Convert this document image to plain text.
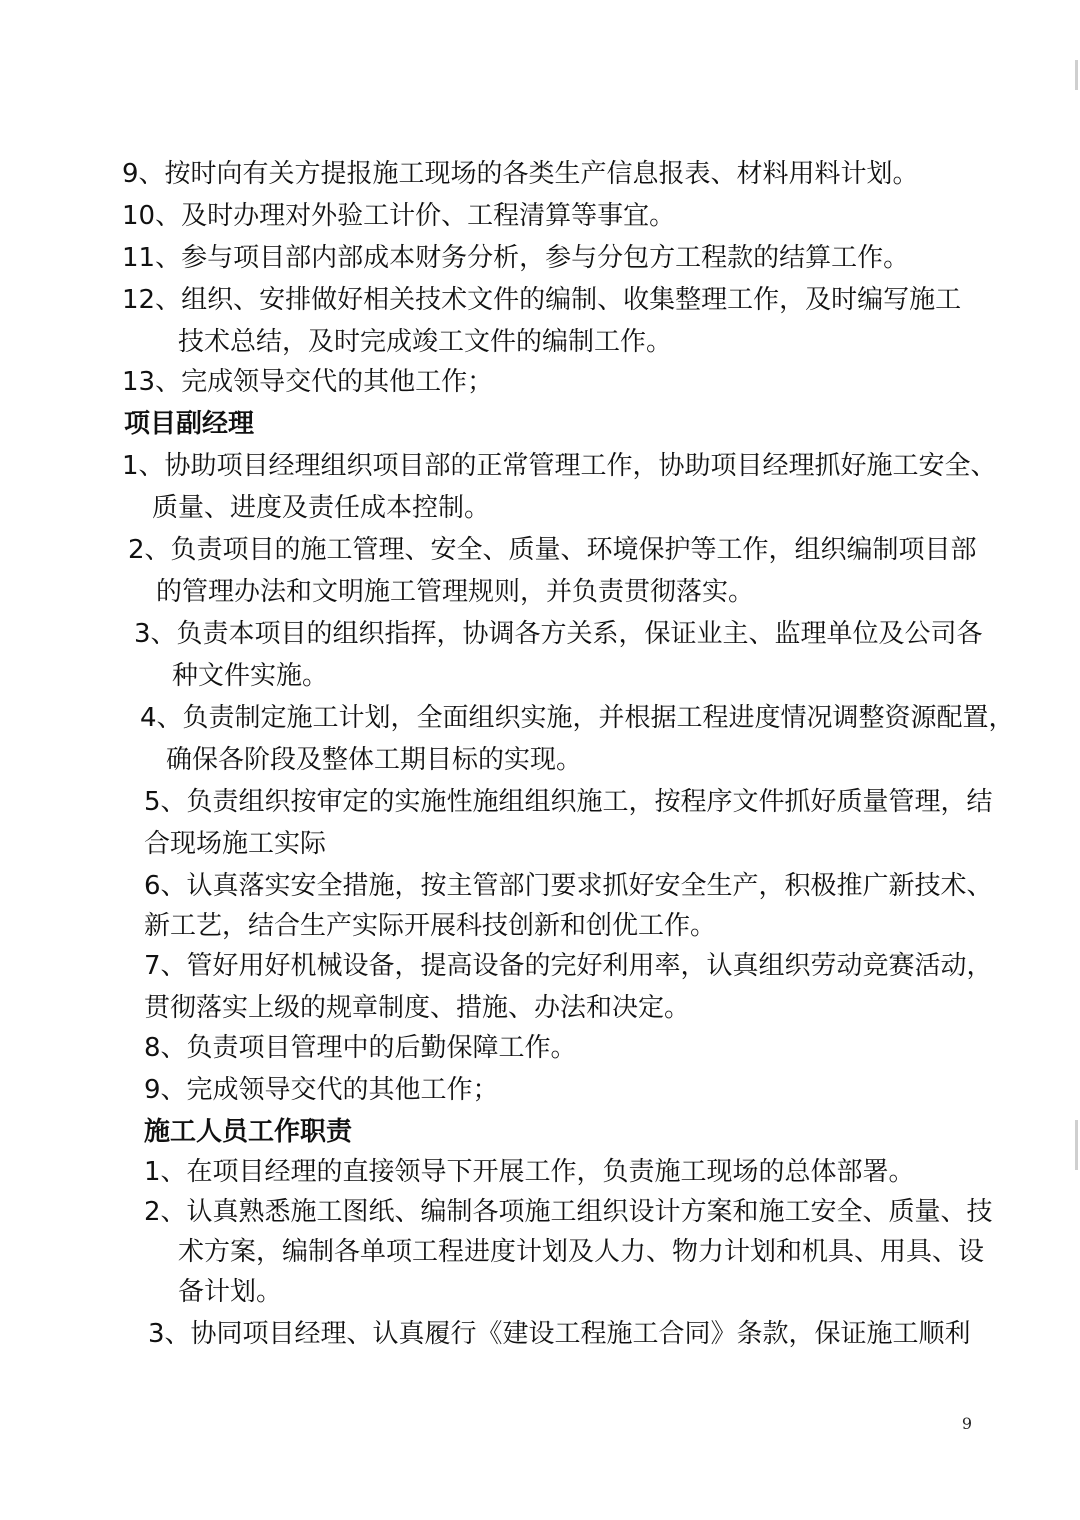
9、按时向有关方提报施工现场的各类生产信息报表、材料用料计划。
10、及时办理对外验工计价、工程清算等事宜。
11、参与项目部内部成本财务分析，参与分包方工程款的结算工作。
12、组织、安排做好相关技术文件的编制、收集整理工作，及时编写施工
技术总结，及时完成竣工文件的编制工作。
13、完成领导交代的其他工作；
项目副经理
1、协助项目经理组织项目部的正常管理工作，协助项目经理抓好施工安全、
质量、进度及责任成本控制。
2、负责项目的施工管理、安全、质量、环境保护等工作，组织编制项目部
的管理办法和文明施工管理规则，并负责贯彻落实。
3、负责本项目的组织指挥，协调各方关系，保证业主、监理单位及公司各
种文件实施。
4、负责制定施工计划，全面组织实施，并根据工程进度情况调整资源配置，
确保各阶段及整体工期目标的实现。
5、负责组织按审定的实施性施组组织施工，按程序文件抓好质量管理，结
合现场施工实际
6、认真落实安全措施，按主管部门要求抓好安全生产，积极推广新技术、
新工艺，结合生产实际开展科技创新和创优工作。
7、管好用好机械设备，提高设备的完好利用率，认真组织劳动竞赛活动，
贯彻落实上级的规章制度、措施、办法和决定。
8、负责项目管理中的后勤保障工作。
9、完成领导交代的其他工作；
施工人员工作职责
1、在项目经理的直接领导下开展工作，负责施工现场的总体部署。
2、认真熟悉施工图纸、编制各项施工组织设计方案和施工安全、质量、技
术方案，编制各单项工程进度计划及人力、物力计划和机具、用具、设
备计划。
3、协同项目经理、认真履行《建设工程施工合同》条款，保证施工顺利
9
